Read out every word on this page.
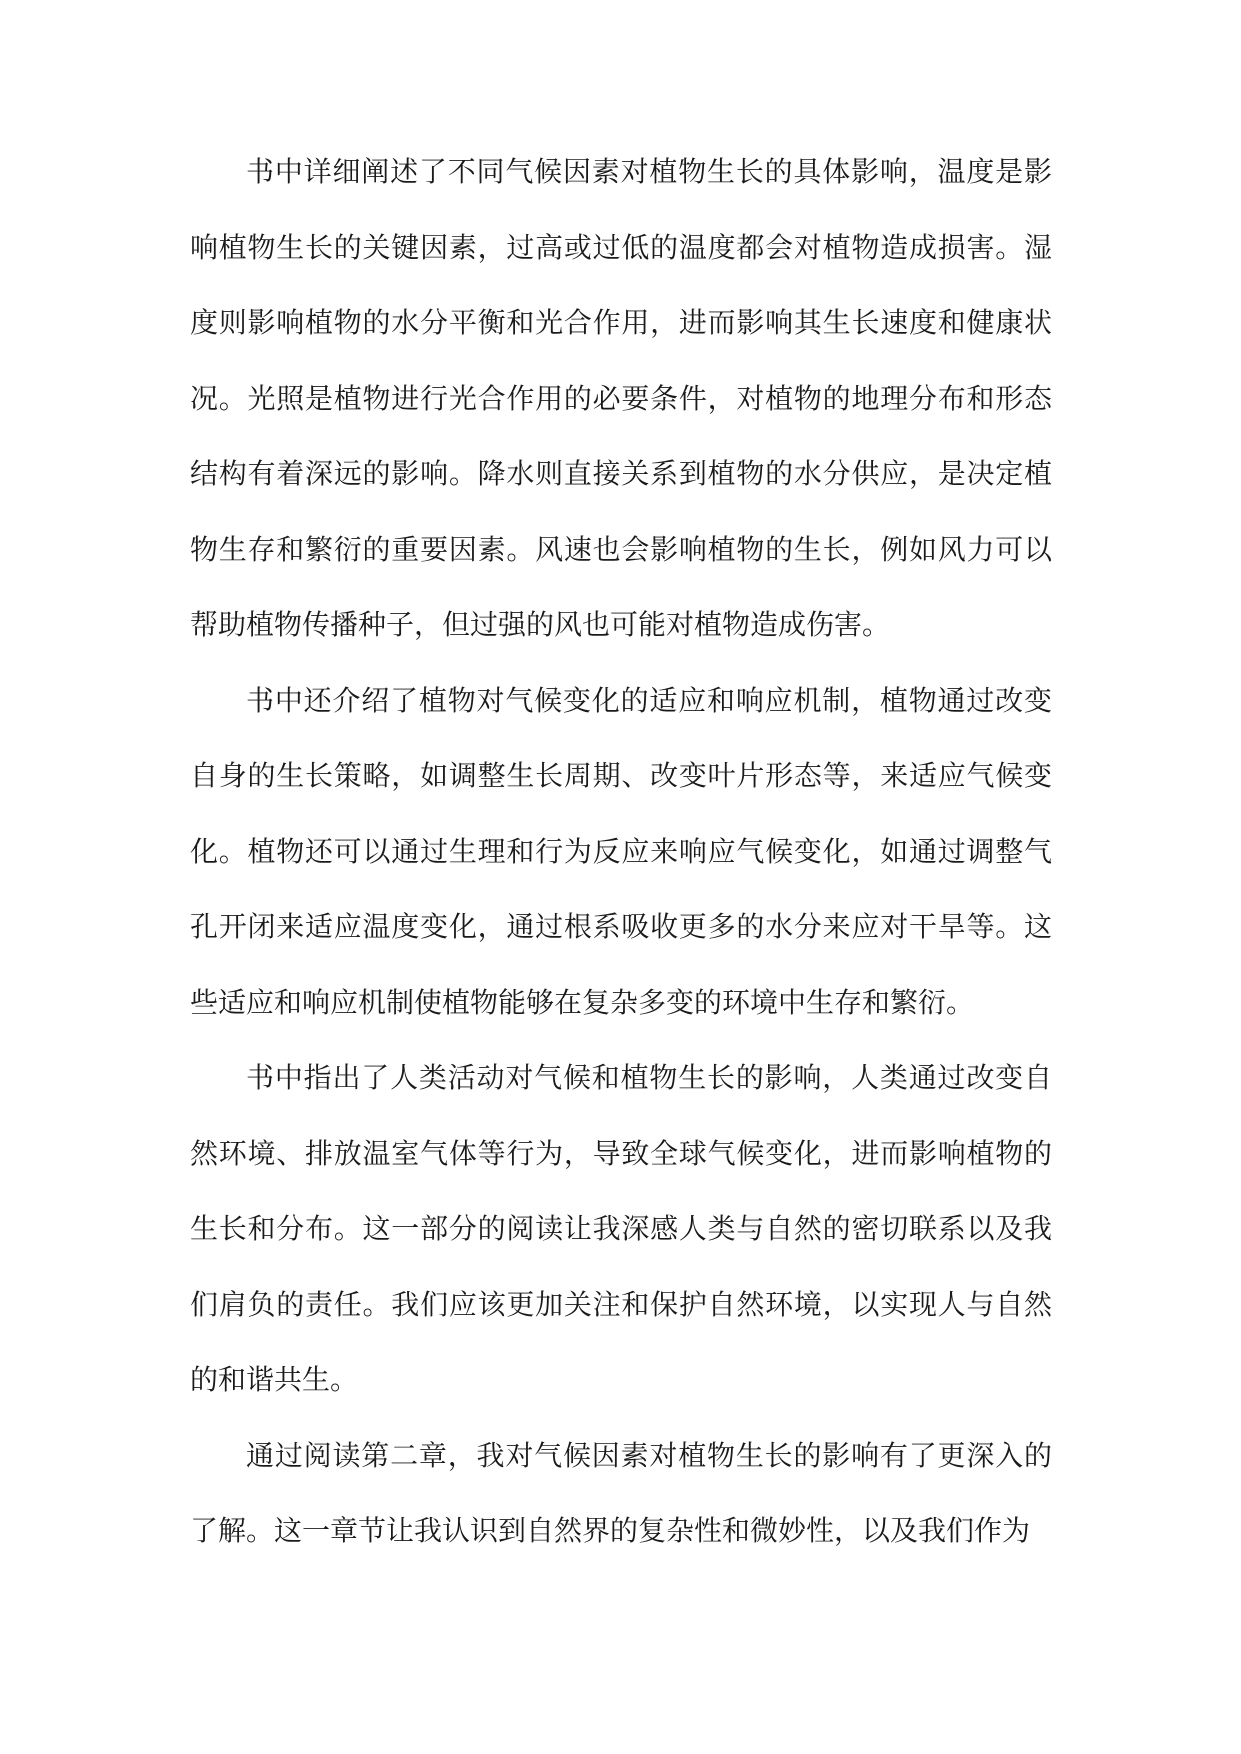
书中详细阐述了不同气候因素对植物生长的具体影响，温度是影响植物生长的关键因素，过高或过低的温度都会对植物造成损害。湿度则影响植物的水分平衡和光合作用，进而影响其生长速度和健康状况。光照是植物进行光合作用的必要条件，对植物的地理分布和形态结构有着深远的影响。降水则直接关系到植物的水分供应，是决定植物生存和繁衍的重要因素。风速也会影响植物的生长，例如风力可以帮助植物传播种子，但过强的风也可能对植物造成伤害。

书中还介绍了植物对气候变化的适应和响应机制，植物通过改变自身的生长策略，如调整生长周期、改变叶片形态等，来适应气候变化。植物还可以通过生理和行为反应来响应气候变化，如通过调整气孔开闭来适应温度变化，通过根系吸收更多的水分来应对干旱等。这些适应和响应机制使植物能够在复杂多变的环境中生存和繁衍。

书中指出了人类活动对气候和植物生长的影响，人类通过改变自然环境、排放温室气体等行为，导致全球气候变化，进而影响植物的生长和分布。这一部分的阅读让我深感人类与自然的密切联系以及我们肩负的责任。我们应该更加关注和保护自然环境，以实现人与自然的和谐共生。

通过阅读第二章，我对气候因素对植物生长的影响有了更深入的了解。这一章节让我认识到自然界的复杂性和微妙性，以及我们作为
